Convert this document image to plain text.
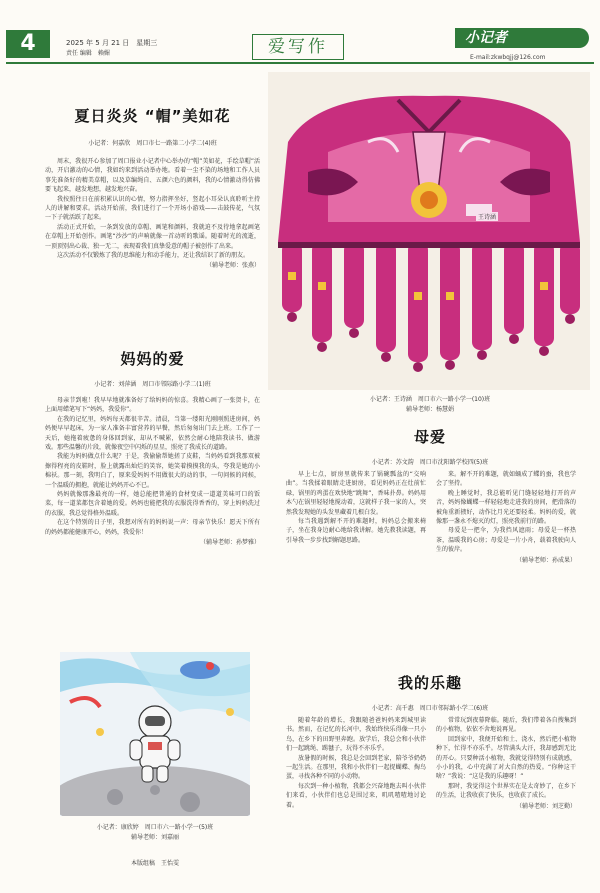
4	2025 年 5 月 21 日　星期三
责任 编辑　赖媚	爱写作	小记者
E-mail:zkwbqjj@126.com
夏日炎炎 “帽”美如花
小记者：何嘉欣　周口市七一路第二小学二(4)班

周末，我很开心参加了周口报业小记者中心举办的“帽”美如花，手绘草帽”活动，开启激动的心情，我如约来到活动举办地。看着一尘不染的场地和工作人员事先准备好的精美草帽，以及草编绳自、五颜六色的颜料，我的心情激动得仿佛要飞起来，越发地想，越发地兴奋。

我按照往日在前积累认识的心情，努力指挥坐好，竖起小耳朵认真聆听主持人的讲解和要求。活动开始前，我们进行了一个开场小游戏——击鼓传花，气氛一下子就活跃了起来。

活动正式开始，一条到发放的草帽、画笔和颜料，我就迫不及待地拿起画笔在草帽上开始创作。画笔“沙沙”的声响就像一首动听的歌谣。随着时光的流逝，一顶顶别出心裁、独一无二，表现着我们真挚爱意的帽子被创作了出来。

这次活动不仅锻炼了我的思维能力和动手能力，还让我结识了新的朋友。

（辅导老师：张燕）
妈妈的爱
小记者：刘萍涵　周口市邻际路小学二(1)班

母亲节到啦！我早早地就准备好了给妈妈的惊喜。我精心画了一张贺卡，在上面用蜡笔写下“妈妈，我爱你”。

在我的记忆里，妈妈每天都很辛苦。清晨，当第一缕阳光刚刚照进房间，妈妈便早早起床，为一家人准备丰富营养的早餐，然后匆匆出门去上班。工作了一天后，她拖着疲惫的身体回到家，却从不喊累，依然会耐心地陪我读书、做游戏。那些温馨的片段，就像夜空中闪烁的星星，照亮了我成长的道路。

我能为妈妈做点什么呢？于是，我偷偷帮她搓了皮鞋，当妈妈看到我那双被擦得程亮的皮鞋时，脸上就露出灿烂的笑容，她笑着摸摸我的头，夸我是她的小棉袄。那一刻，我明白了，原来爱妈妈不用做很大的动的事，一句问候的问候，一个温暖的拥抱，就能让妈妈开心不已。

妈妈就像那盏最亮的一样，她总能把普通的食材变成一道道美味可口的饭菜，每一道菜都包含着她的爱。妈妈也能把我的衣服洗得香香的，穿上妈妈洗过的衣服，我总觉得格外温暖。

在这个特别的日子里，我想对所有的妈妈说一声：母亲节快乐！愿天下所有的妈妈都能健康开心，妈妈，我爱你！

（辅导老师：孙梦雅）
小记者：康欣婷　周口市六一路小学一(5)班
辅导老师：刘嘉丽
本版组稿　王怡雯
王诗涵
小记者：王诗涵　周口市六一路小学一(10)班
辅导老师：杨慧娟
母爱
小记者：苏文韵　周口市沈阳路学校四(5)班

早上七点，厨房里就传来了锅碗瓢盆的“交响曲”。当我揉着眼睛走进厨房，看见妈妈正在灶前忙碌，锅里的鸡蛋在欢快地“跳舞”，香味扑鼻。妈妈用木勺在锅里轻轻地搅动着，这就样子我一家的人，突然我发现她的头发里藏着几根白发。

每当我遇到解不开的难题时，妈妈总会搬来椅子，坐在我身边耐心地给我讲解。她先教我读题，再引导我一步步找到解题思路。

来。解不开的难题，就如蛹成了蝶的蚕，我也学会了坚持。

晚上睡觉时，我总能听见门缝轻轻地打开的声音，妈妈像蝴蝶一样轻轻地走进我的房间，把滑落的被角重新掖好，动作比月光还要轻柔。妈妈的爱，就像那一盏永不熄灭的灯，照亮我前行的路。

母爱是一把伞，为我挡风遮雨；母爱是一杯热茶，温暖我的心房；母爱是一片小舟，载着我驶向人生的彼岸。

（辅导老师：孙成果）
我的乐趣
小记者：高千惠　周口市邻际路小学二(6)班

随着年龄的增长，我跟随爸爸妈妈来到城里读书。然而，在记忆的长河中，我始终快乐得像一只小鸟，在乡下的田野里奔跑。放学后，我总会和小伙伴们一起跳绳、踢毽子，玩得不亦乐乎。

放暑假的时候，我总是会回到老家，陪爷爷奶奶一起生活。在那里，我和小伙伴们一起捉蝴蝶、掏鸟蛋，寻找各种不同的小动物。

每次到一种小植物，我都会兴奋地跑去叫小伙伴们来看，小伙伴们也总是围过来，叽叽喳喳地讨论着。

常常玩到夜幕降临。随后，我们带着各自搜集到的小植物，依依不舍地说再见。

回到家中，我便开始和土、浇水，然后把小植物种下，忙得不亦乐乎。尽管满头大汗，我却感到无比的开心。只要种活小植物，我就觉得特别有成就感，小小的我，心中充满了对大自然的热爱。“你种这干啥？”我说：“这是我的乐趣呀！”

那时，我觉得这个世界实在是太奇妙了，在乡下的生活，让我收获了快乐，也收获了成长。

（辅导老师：刘芝勤）
